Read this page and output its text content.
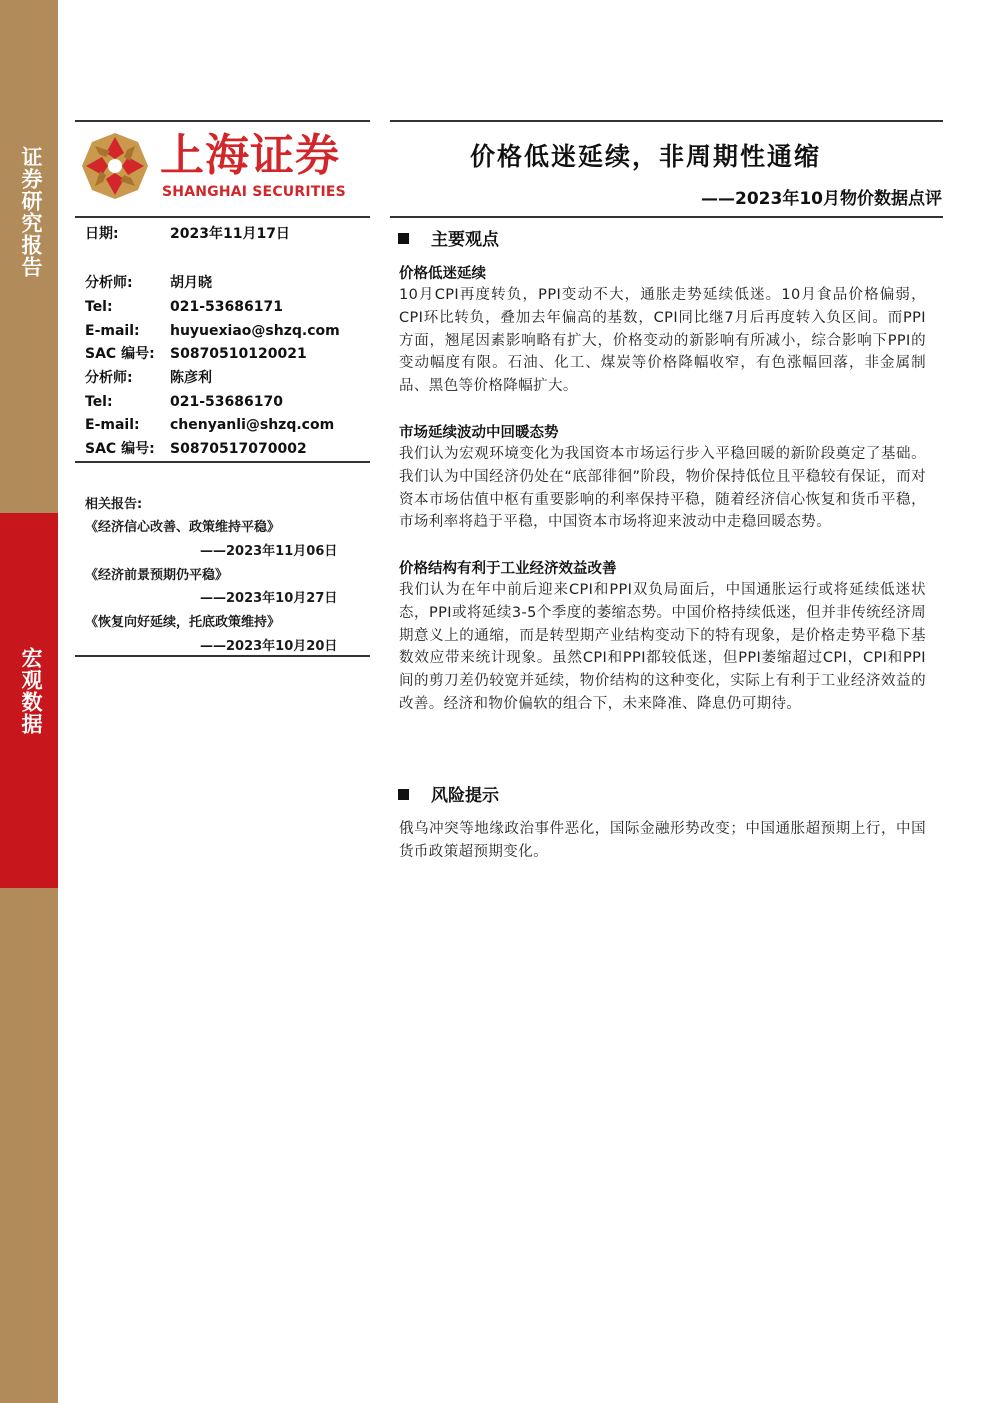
证券研究报告
宏观数据
上海证券
SHANGHAI SECURITIES
价格低迷延续，非周期性通缩
——2023年10月物价数据点评
日期:	2023年11月17日
分析师:	胡月晓
Tel:	021-53686171
E-mail: huyuexiao@shzq.com
SAC 编号: S0870510120021
分析师:	陈彦利
Tel:	021-53686170
E-mail: chenyanli@shzq.com
SAC 编号: S0870517070002
相关报告:
《经济信心改善、政策维持平稳》
——2023年11月06日
《经济前景预期仍平稳》
——2023年10月27日
《恢复向好延续，托底政策维持》
——2023年10月20日
主要观点
价格低迷延续
10月CPI再度转负，PPI变动不大，通胀走势延续低迷。10月食品价格偏弱，CPI环比转负，叠加去年偏高的基数，CPI同比继7月后再度转入负区间。而PPI方面，翘尾因素影响略有扩大，价格变动的新影响有所减小，综合影响下PPI的变动幅度有限。石油、化工、煤炭等价格降幅收窄，有色涨幅回落，非金属制品、黑色等价格降幅扩大。
市场延续波动中回暖态势
我们认为宏观环境变化为我国资本市场运行步入平稳回暖的新阶段奠定了基础。我们认为中国经济仍处在“底部徘徊”阶段，物价保持低位且平稳较有保证，而对资本市场估值中枢有重要影响的利率保持平稳，随着经济信心恢复和货币平稳，市场利率将趋于平稳，中国资本市场将迎来波动中走稳回暖态势。
价格结构有利于工业经济效益改善
我们认为在年中前后迎来CPI和PPI双负局面后，中国通胀运行或将延续低迷状态，PPI或将延续3-5个季度的萎缩态势。中国价格持续低迷，但并非传统经济周期意义上的通缩，而是转型期产业结构变动下的特有现象，是价格走势平稳下基数效应带来统计现象。虽然CPI和PPI都较低迷，但PPI萎缩超过CPI，CPI和PPI间的剪刀差仍较宽并延续，物价结构的这种变化，实际上有利于工业经济效益的改善。经济和物价偏软的组合下，未来降准、降息仍可期待。
风险提示
俄乌冲突等地缘政治事件恶化，国际金融形势改变；中国通胀超预期上行，中国货币政策超预期变化。
